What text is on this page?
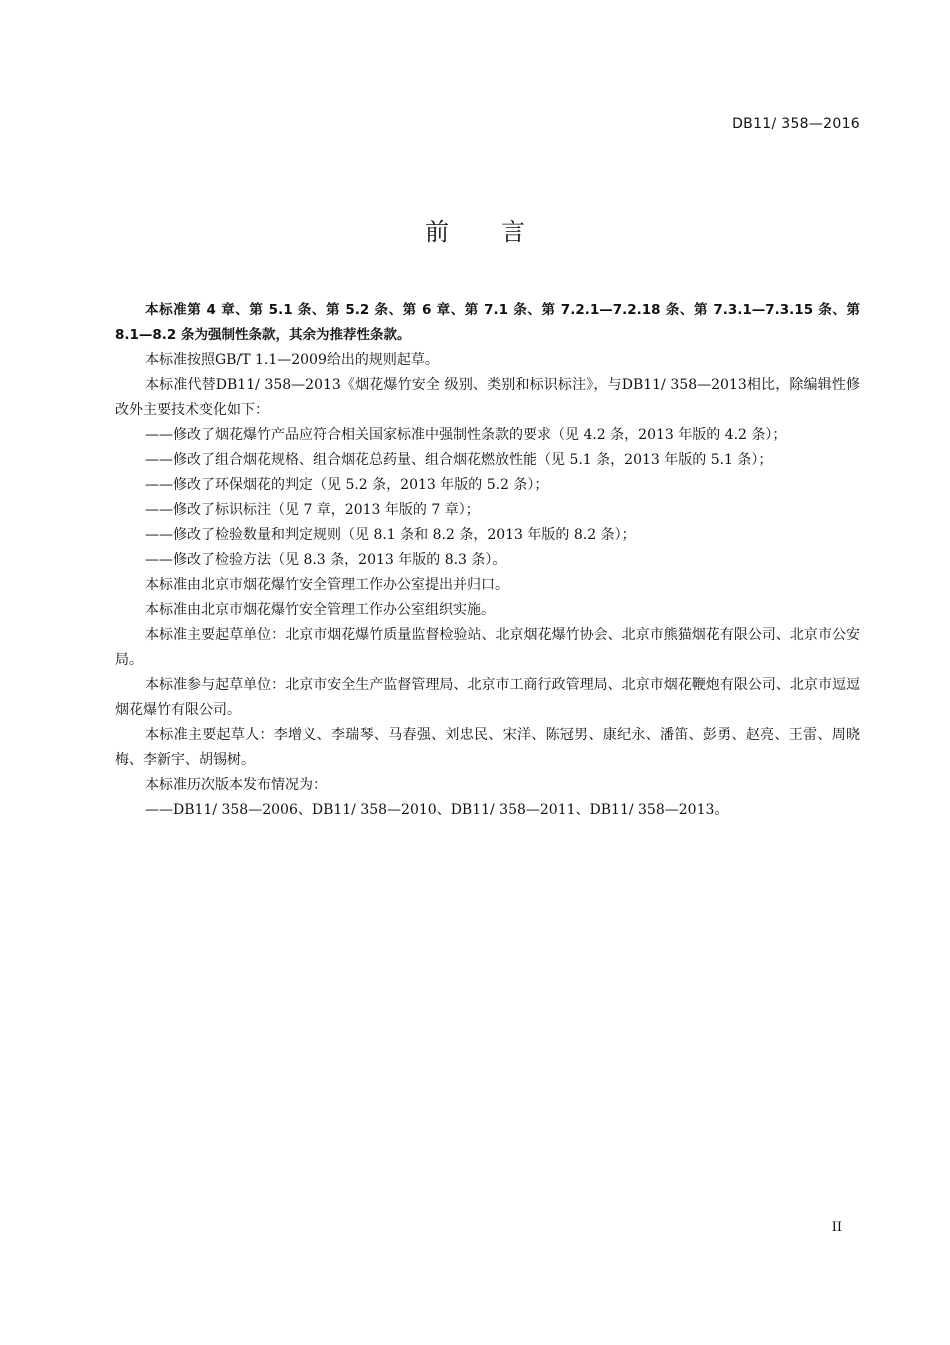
DB11/ 358—2016
前言

本标准第 4 章、第 5.1 条、第 5.2 条、第 6 章、第 7.1 条、第 7.2.1—7.2.18 条、第 7.3.1—7.3.15 条、第 8.1—8.2 条为强制性条款，其余为推荐性条款。

本标准按照GB/T 1.1—2009给出的规则起草。

本标准代替DB11/ 358—2013《烟花爆竹安全 级别、类别和标识标注》，与DB11/ 358—2013相比，除编辑性修改外主要技术变化如下：

——修改了烟花爆竹产品应符合相关国家标准中强制性条款的要求（见 4.2 条，2013 年版的 4.2 条）；

——修改了组合烟花规格、组合烟花总药量、组合烟花燃放性能（见 5.1 条，2013 年版的 5.1 条）；

——修改了环保烟花的判定（见 5.2 条，2013 年版的 5.2 条）；

——修改了标识标注（见 7 章，2013 年版的 7 章）；

——修改了检验数量和判定规则（见 8.1 条和 8.2 条，2013 年版的 8.2 条）；

——修改了检验方法（见 8.3 条，2013 年版的 8.3 条）。

本标准由北京市烟花爆竹安全管理工作办公室提出并归口。

本标准由北京市烟花爆竹安全管理工作办公室组织实施。

本标准主要起草单位：北京市烟花爆竹质量监督检验站、北京烟花爆竹协会、北京市熊猫烟花有限公司、北京市公安局。

本标准参与起草单位：北京市安全生产监督管理局、北京市工商行政管理局、北京市烟花鞭炮有限公司、北京市逗逗烟花爆竹有限公司。

本标准主要起草人：李增义、李瑞琴、马春强、刘忠民、宋洋、陈冠男、康纪永、潘笛、彭勇、赵亮、王雷、周晓梅、李新宇、胡锡树。

本标准历次版本发布情况为：

——DB11/ 358—2006、DB11/ 358—2010、DB11/ 358—2011、DB11/ 358—2013。

II
